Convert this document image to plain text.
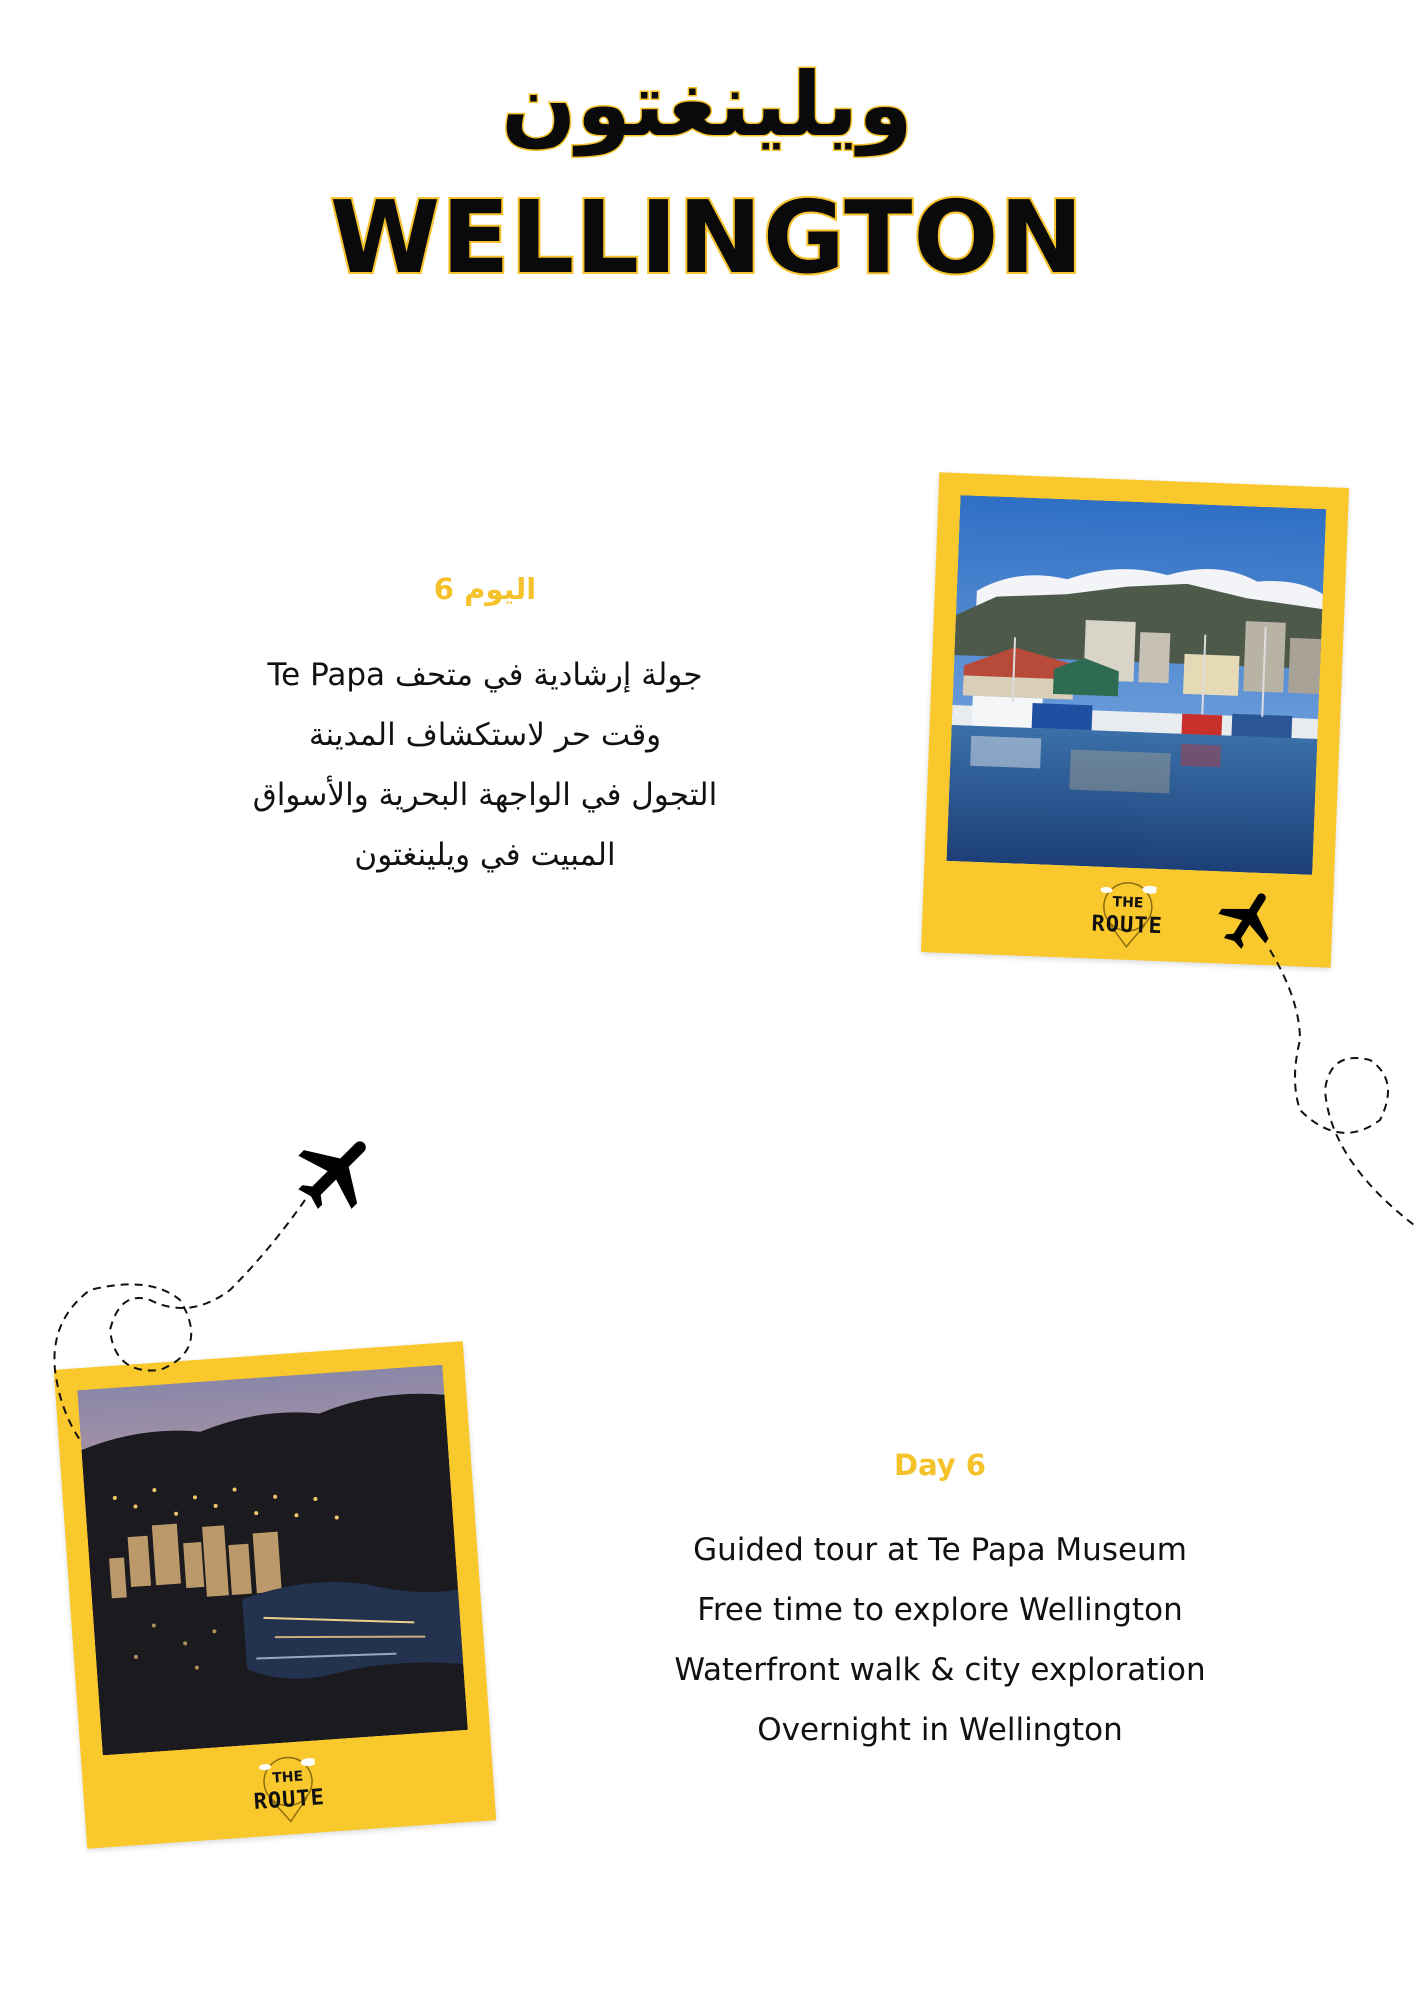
ويلينغتون
WELLINGTON
اليوم 6
جولة إرشادية في متحف Te Papa
وقت حر لاستكشاف المدينة
التجول في الواجهة البحرية والأسواق
المبيت في ويلينغتون
Day 6
Guided tour at Te Papa Museum
Free time to explore Wellington
Waterfront walk & city exploration
Overnight in Wellington
THE
ROUTE
THE
ROUTE
